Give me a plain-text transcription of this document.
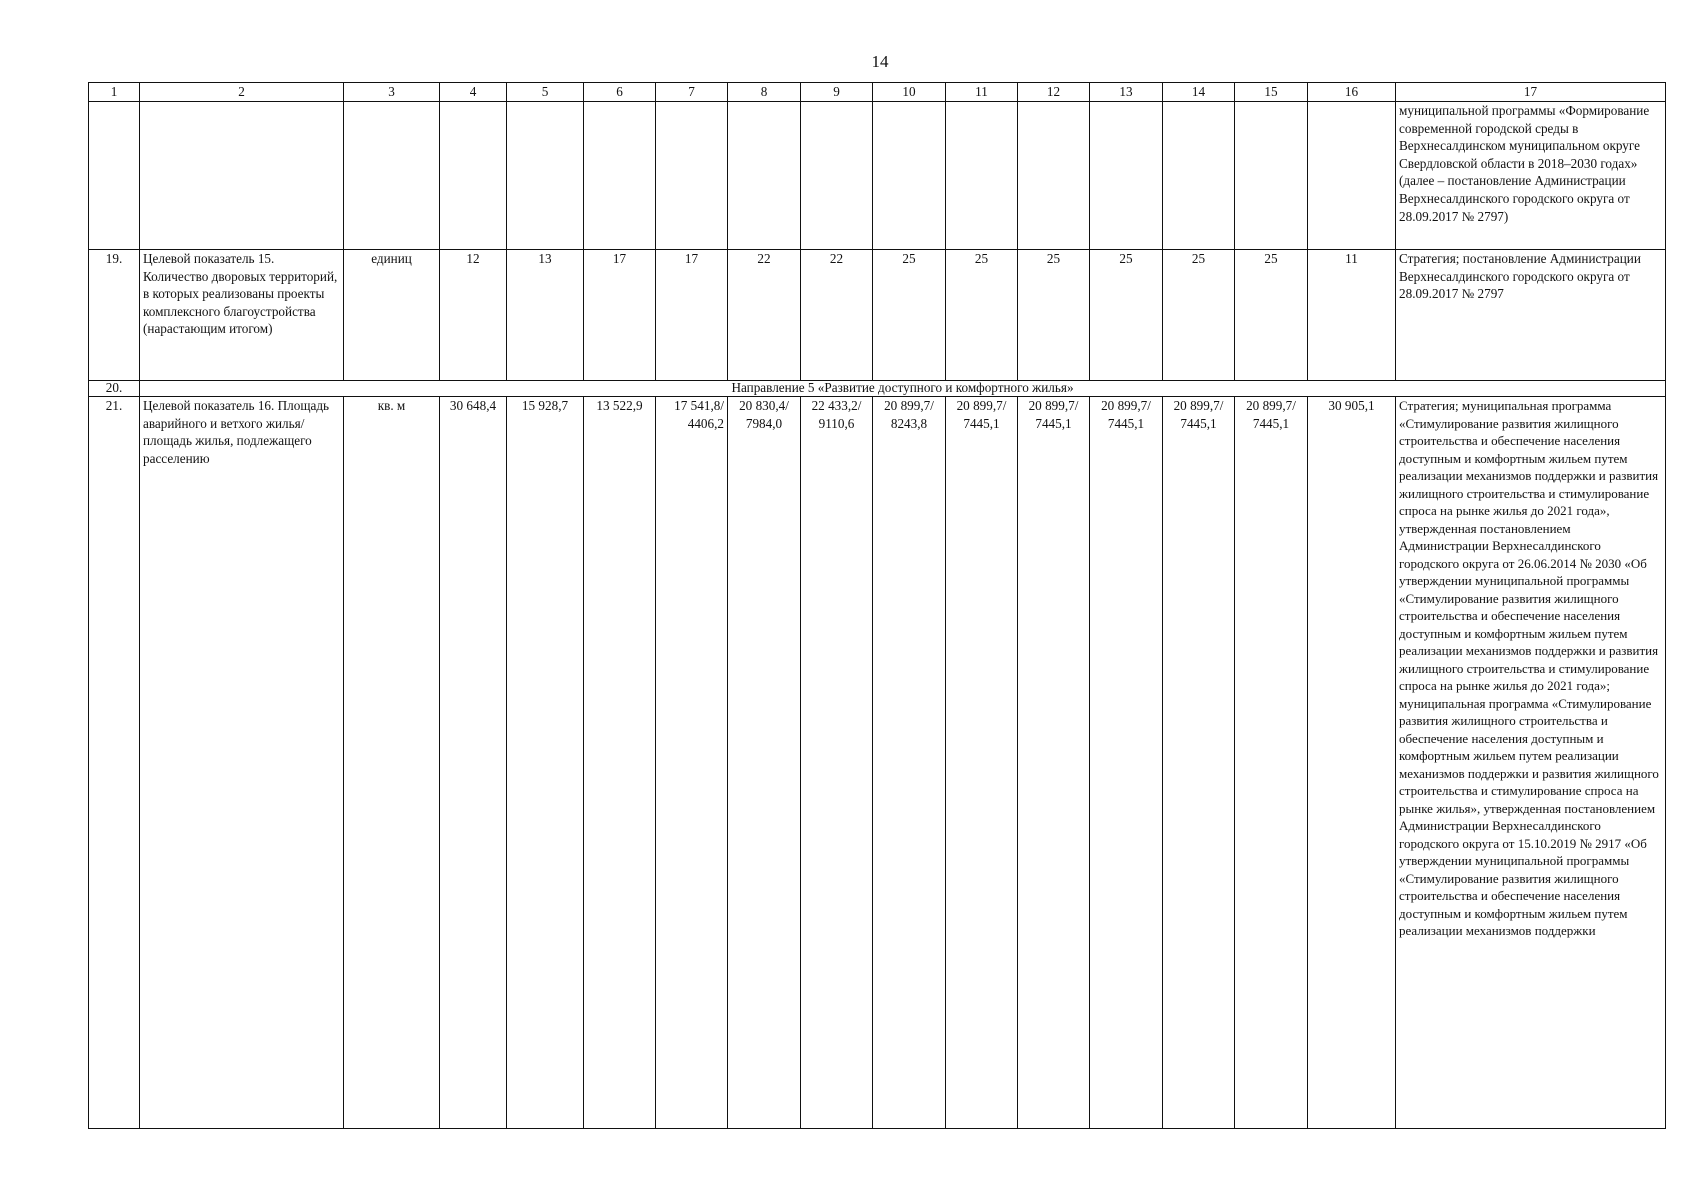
14
1	2	3	4	5	6	7	8	9	10	11	12	13	14	15	16	17
																муниципальной программы «Формирование современной городской среды в Верхнесалдинском муниципальном округе Свердловской области в 2018–2030 годах» (далее – постановление Администрации Верхнесалдинского городского округа от 28.09.2017 № 2797)
19.	Целевой показатель 15. Количество дворовых территорий, в которых реализованы проекты комплексного благоустройства (нарастающим итогом)	единиц	12	13	17	17	22	22	25	25	25	25	25	25	11	Стратегия; постановление Администрации Верхнесалдинского городского округа от 28.09.2017 № 2797
20.	Направление 5 «Развитие доступного и комфортного жилья»															
21.	Целевой показатель 16. Площадь аварийного и ветхого жилья/площадь жилья, подлежащего расселению	кв. м	30 648,4	15 928,7	13 522,9	17 541,8/ 4406,2	20 830,4/ 7984,0	22 433,2/ 9110,6	20 899,7/ 8243,8	20 899,7/ 7445,1	20 899,7/ 7445,1	20 899,7/ 7445,1	20 899,7/ 7445,1	20 899,7/ 7445,1	30 905,1	Стратегия; муниципальная программа «Стимулирование развития жилищного строительства и обеспечение населения доступным и комфортным жильем путем реализации механизмов поддержки и развития жилищного строительства и стимулирование спроса на рынке жилья до 2021 года», утвержденная постановлением Администрации Верхнесалдинского городского округа от 26.06.2014 № 2030 «Об утверждении муниципальной программы «Стимулирование развития жилищного строительства и обеспечение населения доступным и комфортным жильем путем реализации механизмов поддержки и развития жилищного строительства и стимулирование спроса на рынке жилья до 2021 года»; муниципальная программа «Стимулирование развития жилищного строительства и обеспечение населения доступным и комфортным жильем путем реализации механизмов поддержки и развития жилищного строительства и стимулирование спроса на рынке жилья», утвержденная постановлением Администрации Верхнесалдинского городского округа от 15.10.2019 № 2917 «Об утверждении муниципальной программы «Стимулирование развития жилищного строительства и обеспечение населения доступным и комфортным жильем путем реализации механизмов поддержки
